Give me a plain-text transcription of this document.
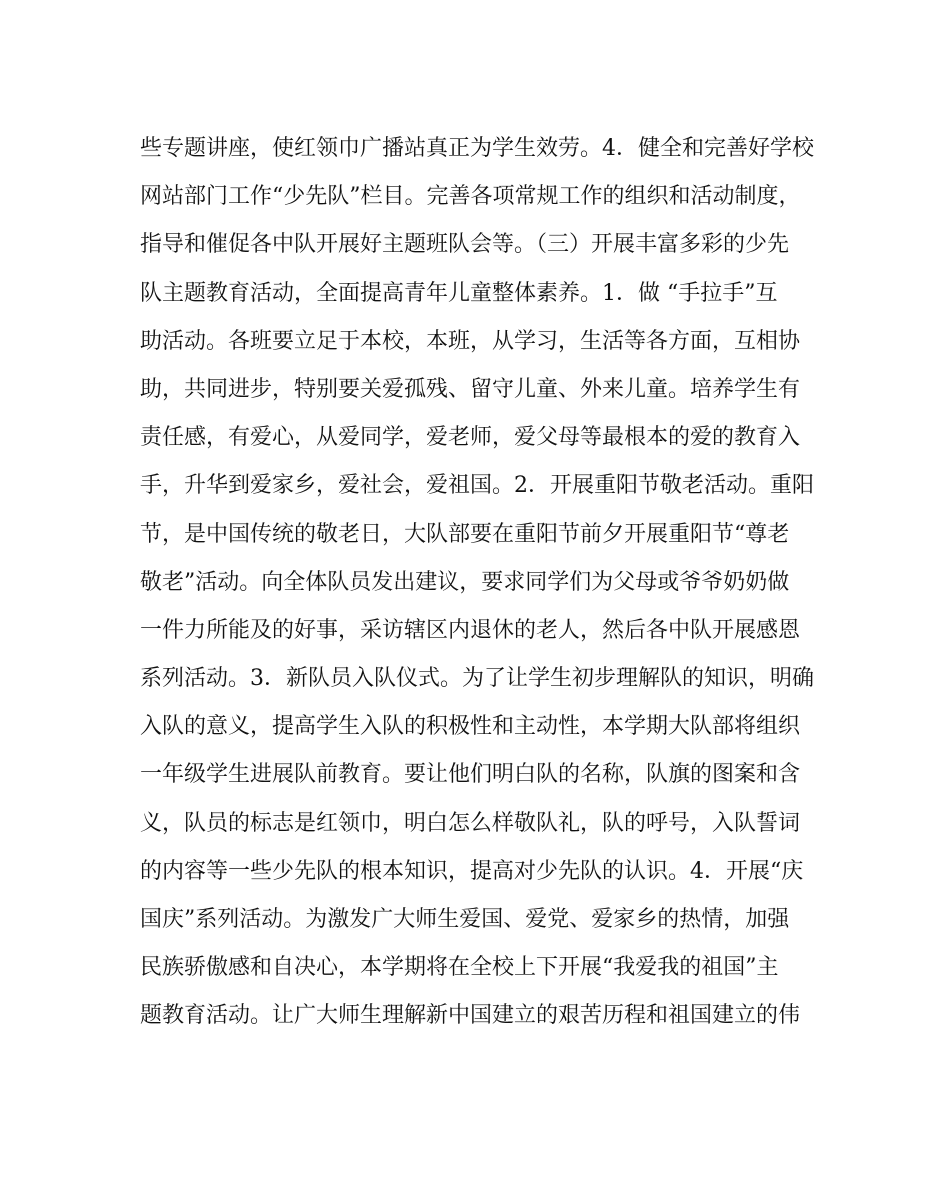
些专题讲座，使红领巾广播站真正为学生效劳。4．健全和完善好学校
网站部门工作“少先队”栏目。完善各项常规工作的组织和活动制度，
指导和催促各中队开展好主题班队会等。（三）开展丰富多彩的少先
队主题教育活动，全面提高青年儿童整体素养。1．做 “手拉手”互
助活动。各班要立足于本校，本班，从学习，生活等各方面，互相协
助，共同进步，特别要关爱孤残、留守儿童、外来儿童。培养学生有
责任感，有爱心，从爱同学，爱老师，爱父母等最根本的爱的教育入
手，升华到爱家乡，爱社会，爱祖国。2．开展重阳节敬老活动。重阳
节，是中国传统的敬老日，大队部要在重阳节前夕开展重阳节“尊老
敬老”活动。向全体队员发出建议，要求同学们为父母或爷爷奶奶做
一件力所能及的好事，采访辖区内退休的老人，然后各中队开展感恩
系列活动。3．新队员入队仪式。为了让学生初步理解队的知识，明确
入队的意义，提高学生入队的积极性和主动性，本学期大队部将组织
一年级学生进展队前教育。要让他们明白队的名称，队旗的图案和含
义，队员的标志是红领巾，明白怎么样敬队礼，队的呼号，入队誓词
的内容等一些少先队的根本知识，提高对少先队的认识。4．开展“庆
国庆”系列活动。为激发广大师生爱国、爱党、爱家乡的热情，加强
民族骄傲感和自决心，本学期将在全校上下开展“我爱我的祖国”主
题教育活动。让广大师生理解新中国建立的艰苦历程和祖国建立的伟
